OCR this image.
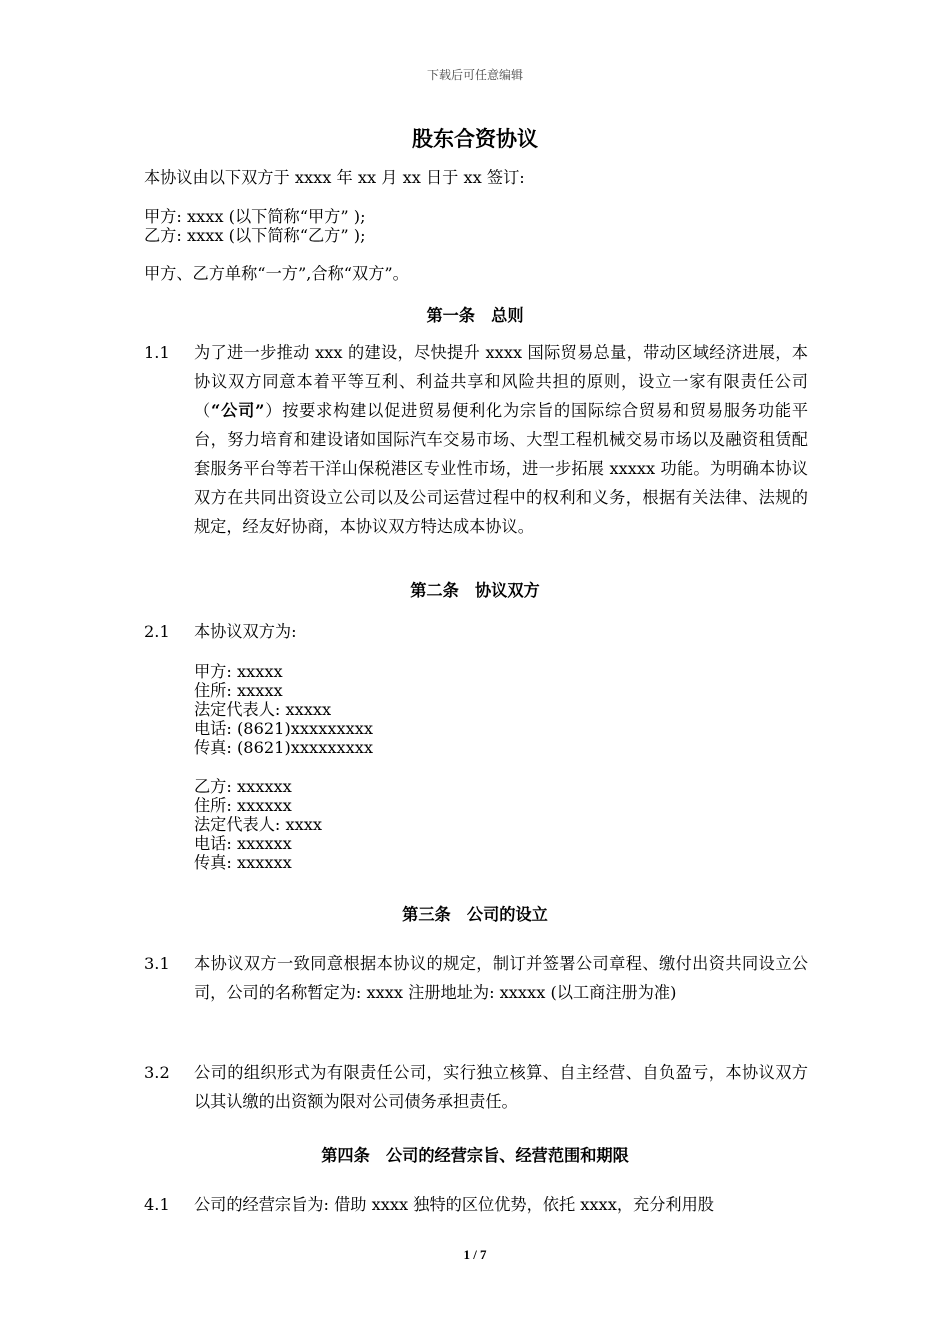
下载后可任意编辑
股东合资协议
本协议由以下双方于 xxxx 年 xx 月 xx 日于 xx 签订:
甲方: xxxx (以下简称“甲方” );
乙方: xxxx (以下简称“乙方” );
甲方、乙方单称“一方”,合称“双方”。
第一条　总则
1.1 为了进一步推动 xxx 的建设，尽快提升 xxxx 国际贸易总量，带动区域经济进展，本协议双方同意本着平等互利、利益共享和风险共担的原则，设立一家有限责任公司（“公司”）按要求构建以促进贸易便利化为宗旨的国际综合贸易和贸易服务功能平台，努力培育和建设诸如国际汽车交易市场、大型工程机械交易市场以及融资租赁配套服务平台等若干洋山保税港区专业性市场，进一步拓展 xxxxx 功能。为明确本协议双方在共同出资设立公司以及公司运营过程中的权利和义务，根据有关法律、法规的规定，经友好协商，本协议双方特达成本协议。
第二条　协议双方
2.1 本协议双方为:
甲方: xxxxx
住所: xxxxx
法定代表人: xxxxx
电话: (8621)xxxxxxxxx
传真: (8621)xxxxxxxxx
乙方: xxxxxx
住所: xxxxxx
法定代表人: xxxx
电话: xxxxxx
传真: xxxxxx
第三条　公司的设立
3.1 本协议双方一致同意根据本协议的规定，制订并签署公司章程、缴付出资共同设立公司，公司的名称暂定为: xxxx 注册地址为: xxxxx (以工商注册为准)
3.2 公司的组织形式为有限责任公司，实行独立核算、自主经营、自负盈亏，本协议双方以其认缴的出资额为限对公司债务承担责任。
第四条　公司的经营宗旨、经营范围和期限
4.1 公司的经营宗旨为: 借助 xxxx 独特的区位优势，依托 xxxx，充分利用股
1 / 7
